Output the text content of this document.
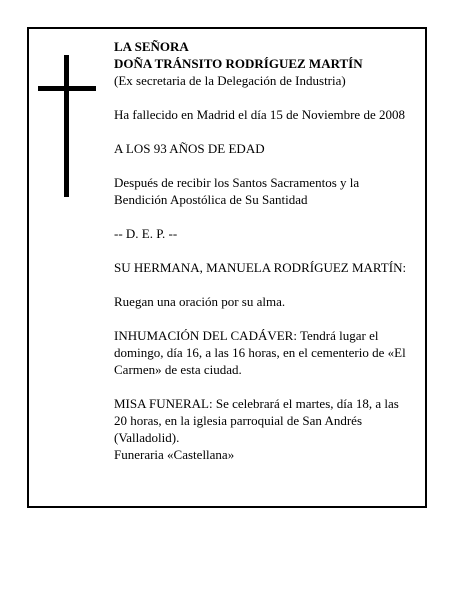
LA SEÑORA

DOÑA TRÁNSITO RODRÍGUEZ MARTÍN

(Ex secretaria de la Delegación de Industria)

Ha fallecido en Madrid el día 15 de Noviembre de 2008

A LOS 93 AÑOS DE EDAD

Después de recibir los Santos Sacramentos y la

Bendición Apostólica de Su Santidad

-- D. E. P. --

SU HERMANA, MANUELA RODRÍGUEZ MARTÍN:

Ruegan una oración por su alma.

INHUMACIÓN DEL CADÁVER: Tendrá lugar el

domingo, día 16, a las 16 horas, en el cementerio de «El

Carmen» de esta ciudad.

MISA FUNERAL: Se celebrará el martes, día 18, a las

20 horas, en la iglesia parroquial de San Andrés

(Valladolid).

Funeraria «Castellana»
